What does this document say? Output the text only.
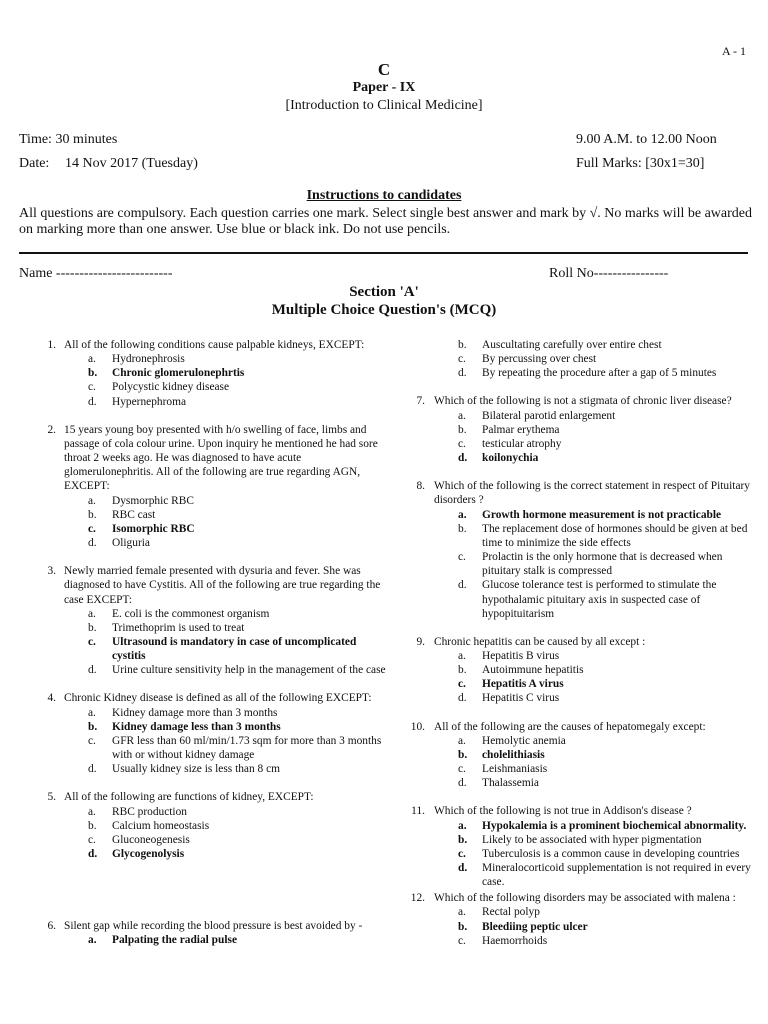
A - 1
C
Paper - IX
[Introduction to Clinical Medicine]
Time: 30 minutes	9.00 A.M. to 12.00 Noon
Date: 14 Nov 2017 (Tuesday)	Full Marks: [30x1=30]
Instructions to candidates
All questions are compulsory. Each question carries one mark. Select single best answer and mark by √. No marks will be awarded on marking more than one answer. Use blue or black ink. Do not use pencils.
Name -------------------------	Roll No----------------
Section 'A'
Multiple Choice Question's (MCQ)
1. All of the following conditions cause palpable kidneys, EXCEPT:
a.	Hydronephrosis
b.	Chronic glomerulonephrtis
c.	Polycystic kidney disease
d.	Hypernephroma
2. 15 years young boy presented with h/o swelling of face, limbs and passage of cola colour urine. Upon inquiry he mentioned he had sore throat 2 weeks ago. He was diagnosed to have acute glomerulonephritis. All of the following are true regarding AGN, EXCEPT:
a.	Dysmorphic RBC
b.	RBC cast
c.	Isomorphic RBC
d.	Oliguria
3. Newly married female presented with dysuria and fever. She was diagnosed to have Cystitis. All of the following are true regarding the case EXCEPT:
a.	E. coli is the commonest organism
b.	Trimethoprim is used to treat
c.	Ultrasound is mandatory in case of uncomplicated cystitis
d.	Urine culture sensitivity help in the management of the case
4. Chronic Kidney disease is defined as all of the following EXCEPT:
a.	Kidney damage more than 3 months
b.	Kidney damage less than 3 months
c.	GFR less than 60 ml/min/1.73 sqm for more than 3 months with or without kidney damage
d.	Usually kidney size is less than 8 cm
5. All of the following are functions of kidney, EXCEPT:
a.	RBC production
b.	Calcium homeostasis
c.	Gluconeogenesis
d.	Glycogenolysis
6. Silent gap while recording the blood pressure is best avoided by -
a.	Palpating the radial pulse
b.	Auscultating carefully over entire chest
c.	By percussing over chest
d.	By repeating the procedure after a gap of 5 minutes
7. Which of the following is not a stigmata of chronic liver disease?
a.	Bilateral parotid enlargement
b.	Palmar erythema
c.	testicular atrophy
d.	koilonychia
8. Which of the following is the correct statement in respect of Pituitary disorders ?
a.	Growth hormone measurement is not practicable
b.	The replacement dose of hormones should be given at bed time to minimize the side effects
c.	Prolactin is the only hormone that is decreased when pituitary stalk is compressed
d.	Glucose tolerance test is performed to stimulate the hypothalamic pituitary axis in suspected case of hypopituitarism
9. Chronic hepatitis can be caused by all except :
a.	Hepatitis B virus
b.	Autoimmune hepatitis
c.	Hepatitis A virus
d.	Hepatitis C virus
10. All of the following are the causes of hepatomegaly except:
a.	Hemolytic anemia
b.	cholelithiasis
c.	Leishmaniasis
d.	Thalassemia
11. Which of the following is not true in Addison's disease ?
a.	Hypokalemia is a prominent biochemical abnormality.
b.	Likely to be associated with hyper pigmentation
c.	Tuberculosis is a common cause in developing countries
d.	Mineralocorticoid supplementation is not required in every case.
12. Which of the following disorders may be associated with malena :
a.	Rectal polyp
b.	Bleediing peptic ulcer
c.	Haemorrhoids
